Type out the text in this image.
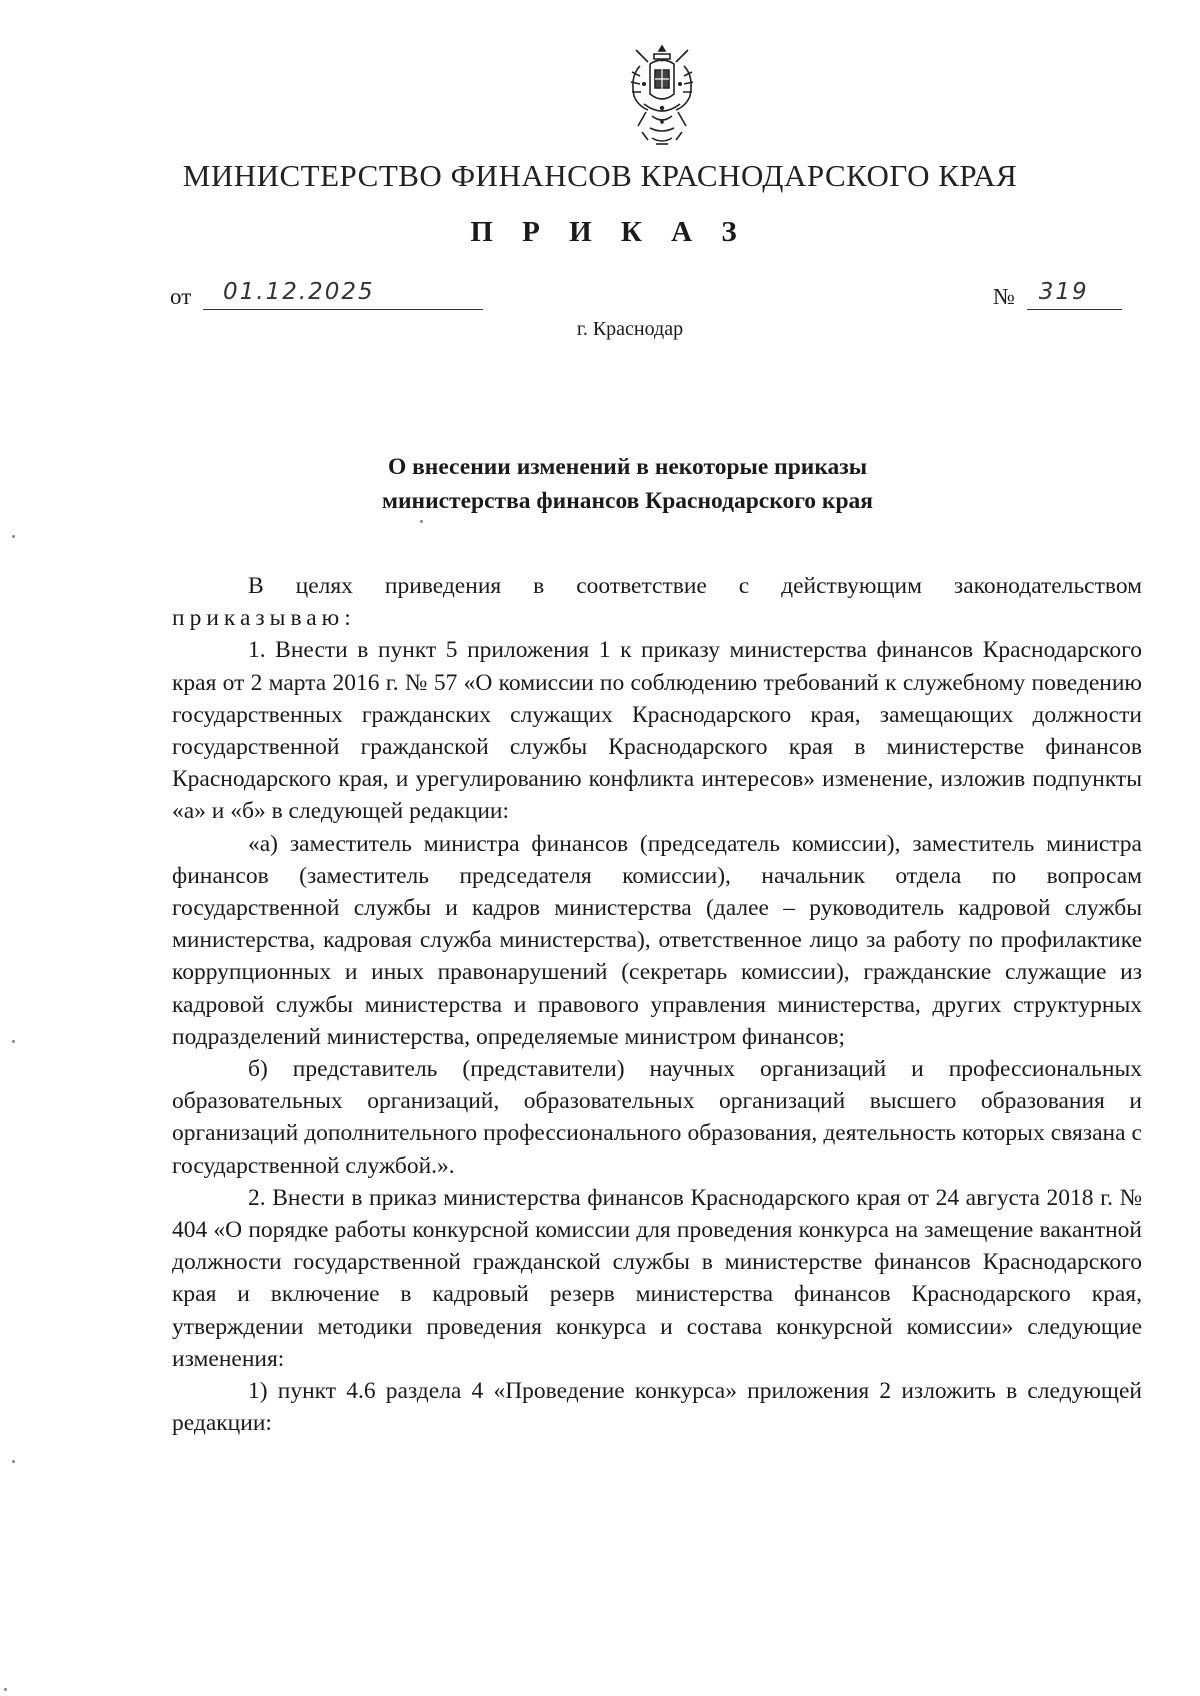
МИНИСТЕРСТВО ФИНАНСОВ КРАСНОДАРСКОГО КРАЯ
П Р И К А З
от 01.12.2025	№ 319
г. Краснодар
О внесении изменений в некоторые приказы
министерства финансов Краснодарского края

В целях приведения в соответствие с действующим законодательством приказываю:

1. Внести в пункт 5 приложения 1 к приказу министерства финансов Краснодарского края от 2 марта 2016 г. № 57 «О комиссии по соблюдению требований к служебному поведению государственных гражданских служащих Краснодарского края, замещающих должности государственной гражданской службы Краснодарского края в министерстве финансов Краснодарского края, и урегулированию конфликта интересов» изменение, изложив подпункты «а» и «б» в следующей редакции:

«а) заместитель министра финансов (председатель комиссии), заместитель министра финансов (заместитель председателя комиссии), начальник отдела по вопросам государственной службы и кадров министерства (далее – руководитель кадровой службы министерства, кадровая служба министерства), ответственное лицо за работу по профилактике коррупционных и иных правонарушений (секретарь комиссии), гражданские служащие из кадровой службы министерства и правового управления министерства, других структурных подразделений министерства, определяемые министром финансов;

б) представитель (представители) научных организаций и профессиональных образовательных организаций, образовательных организаций высшего образования и организаций дополнительного профессионального образования, деятельность которых связана с государственной службой.».

2. Внести в приказ министерства финансов Краснодарского края от 24 августа 2018 г. № 404 «О порядке работы конкурсной комиссии для проведения конкурса на замещение вакантной должности государственной гражданской службы в министерстве финансов Краснодарского края и включение в кадровый резерв министерства финансов Краснодарского края, утверждении методики проведения конкурса и состава конкурсной комиссии» следующие изменения:

1) пункт 4.6 раздела 4 «Проведение конкурса» приложения 2 изложить в следующей редакции:
